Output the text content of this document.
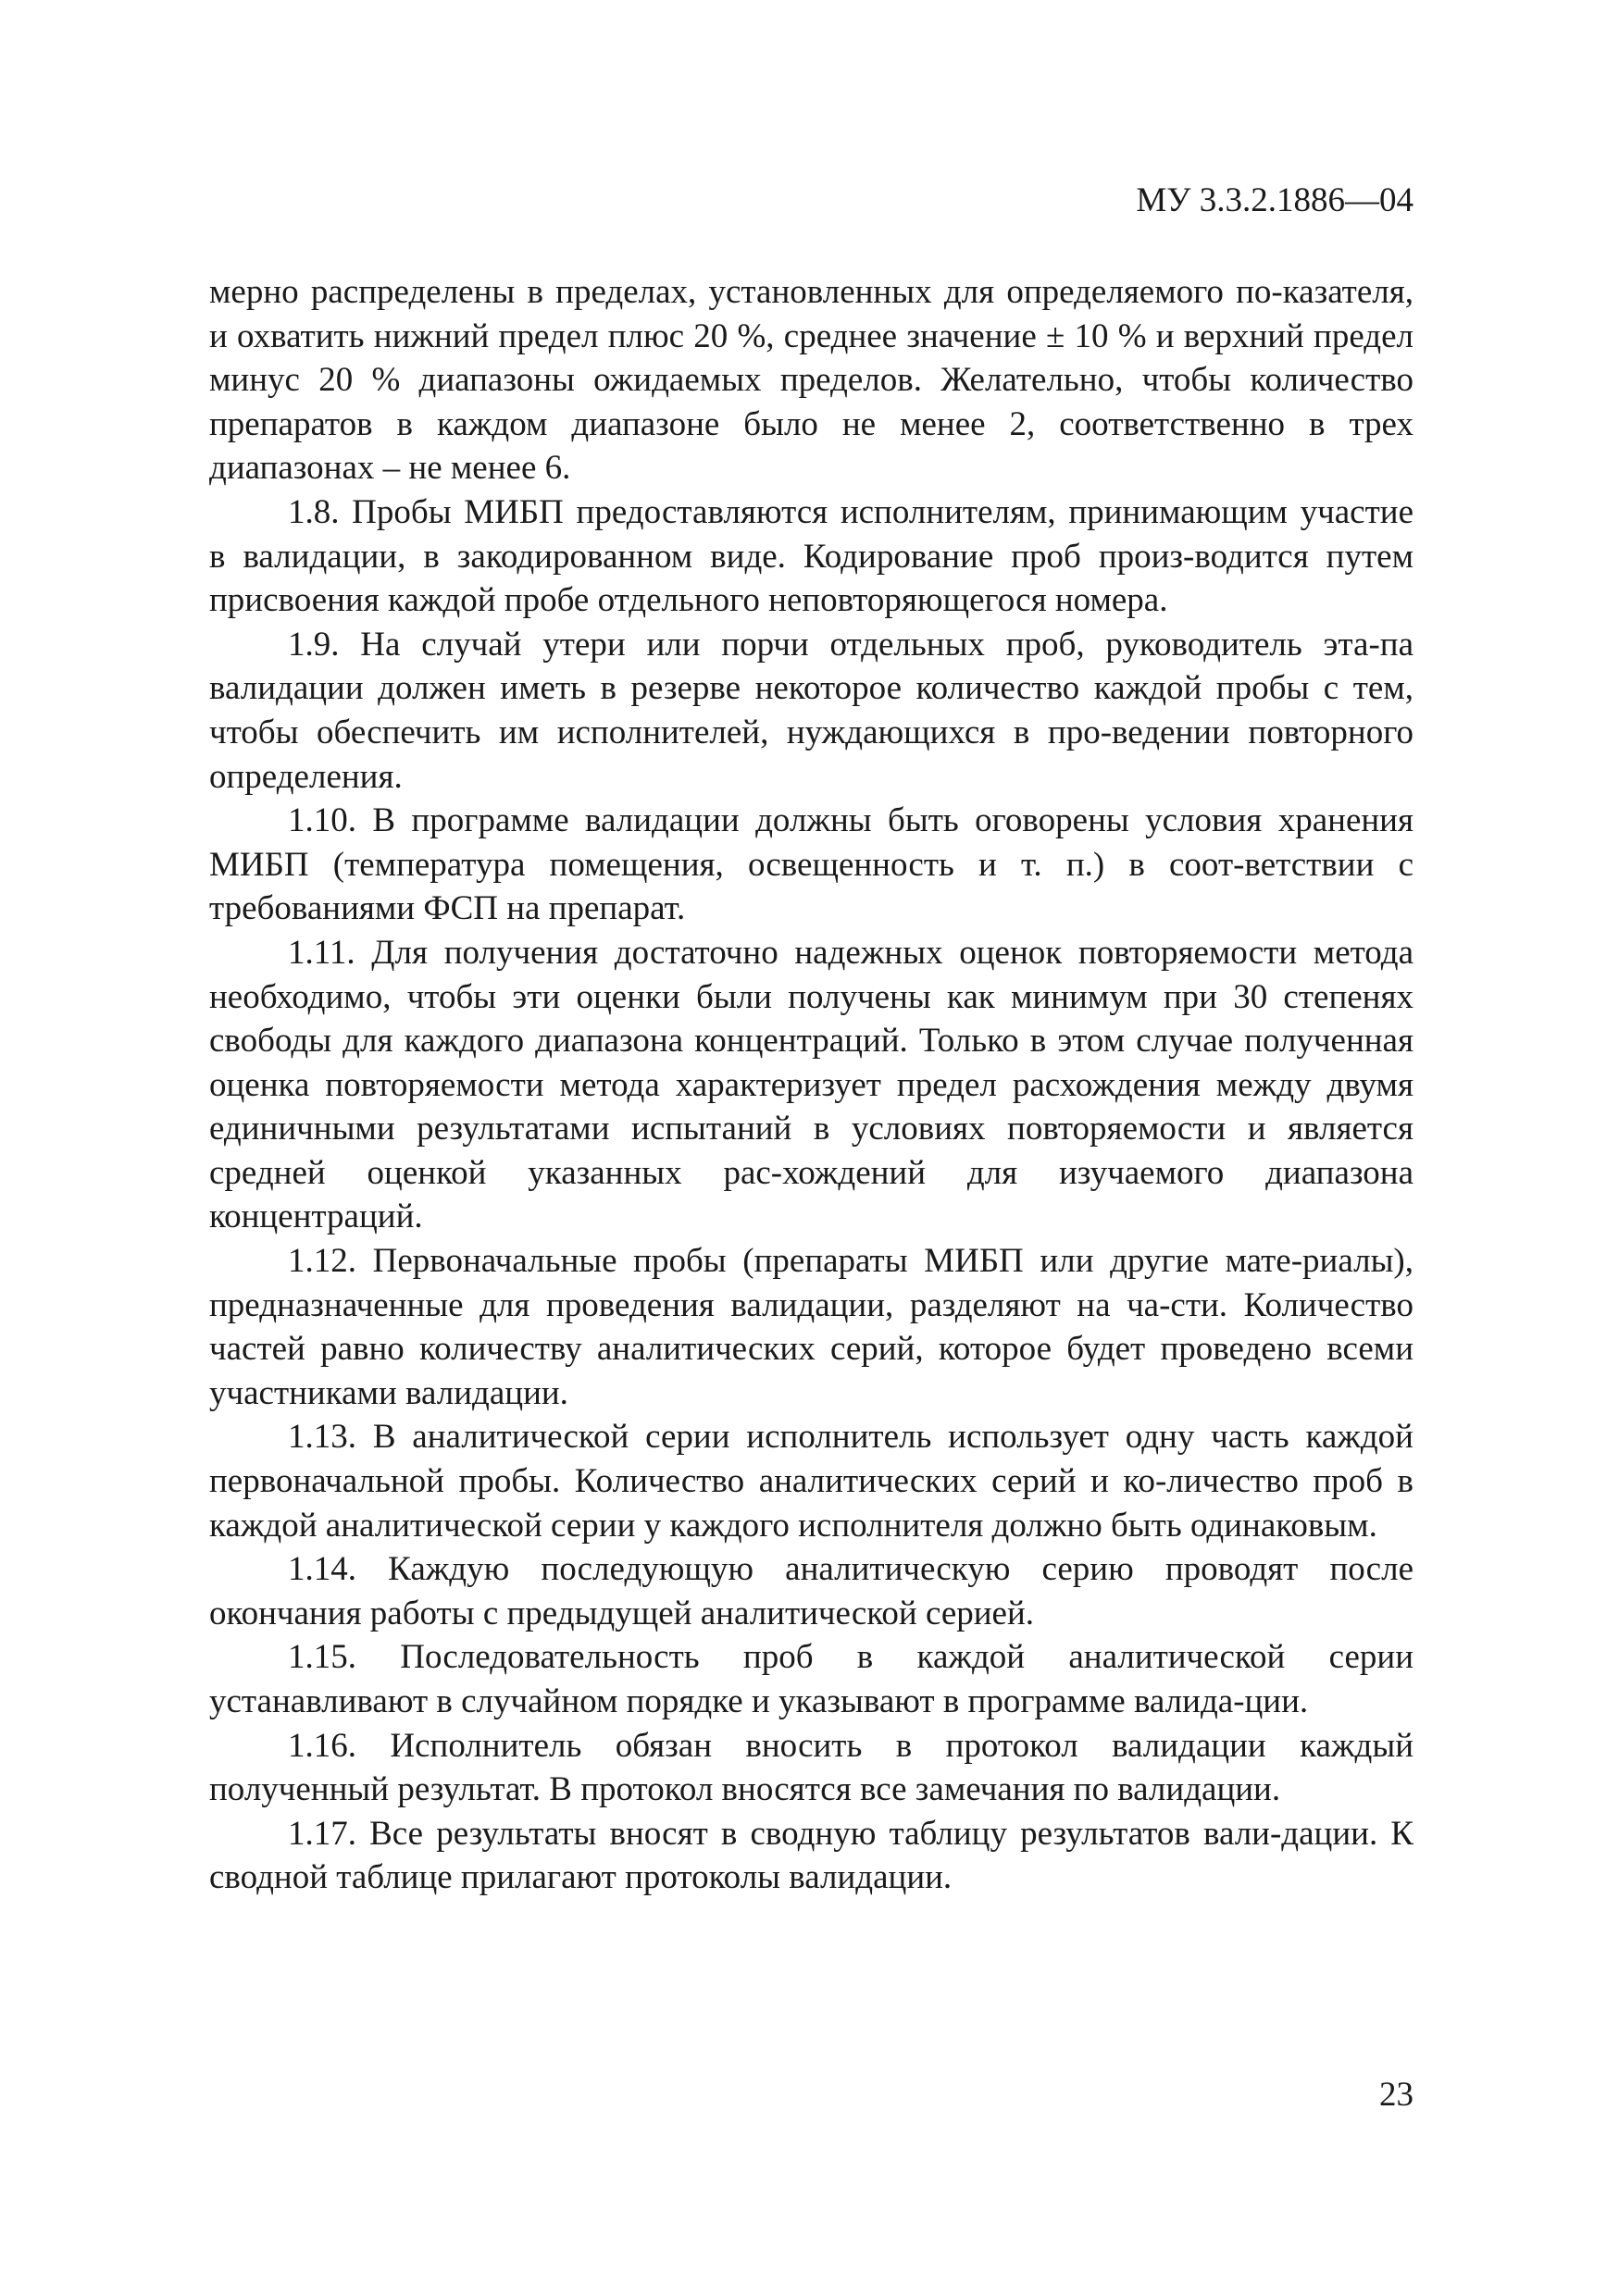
МУ 3.3.2.1886—04

мерно распределены в пределах, установленных для определяемого по-казателя, и охватить нижний предел плюс 20 %, среднее значение ± 10 % и верхний предел минус 20 % диапазоны ожидаемых пределов. Желательно, чтобы количество препаратов в каждом диапазоне было не менее 2, соответственно в трех диапазонах – не менее 6.

1.8. Пробы МИБП предоставляются исполнителям, принимающим участие в валидации, в закодированном виде. Кодирование проб произ-водится путем присвоения каждой пробе отдельного неповторяющегося номера.

1.9. На случай утери или порчи отдельных проб, руководитель эта-па валидации должен иметь в резерве некоторое количество каждой пробы с тем, чтобы обеспечить им исполнителей, нуждающихся в про-ведении повторного определения.

1.10. В программе валидации должны быть оговорены условия хранения МИБП (температура помещения, освещенность и т. п.) в соот-ветствии с требованиями ФСП на препарат.

1.11. Для получения достаточно надежных оценок повторяемости метода необходимо, чтобы эти оценки были получены как минимум при 30 степенях свободы для каждого диапазона концентраций. Только в этом случае полученная оценка повторяемости метода характеризует предел расхождения между двумя единичными результатами испытаний в условиях повторяемости и является средней оценкой указанных рас-хождений для изучаемого диапазона концентраций.

1.12. Первоначальные пробы (препараты МИБП или другие мате-риалы), предназначенные для проведения валидации, разделяют на ча-сти. Количество частей равно количеству аналитических серий, которое будет проведено всеми участниками валидации.

1.13. В аналитической серии исполнитель использует одну часть каждой первоначальной пробы. Количество аналитических серий и ко-личество проб в каждой аналитической серии у каждого исполнителя должно быть одинаковым.

1.14. Каждую последующую аналитическую серию проводят после окончания работы с предыдущей аналитической серией.

1.15. Последовательность проб в каждой аналитической серии устанавливают в случайном порядке и указывают в программе валида-ции.

1.16. Исполнитель обязан вносить в протокол валидации каждый полученный результат. В протокол вносятся все замечания по валидации.

1.17. Все результаты вносят в сводную таблицу результатов вали-дации. К сводной таблице прилагают протоколы валидации.

23
